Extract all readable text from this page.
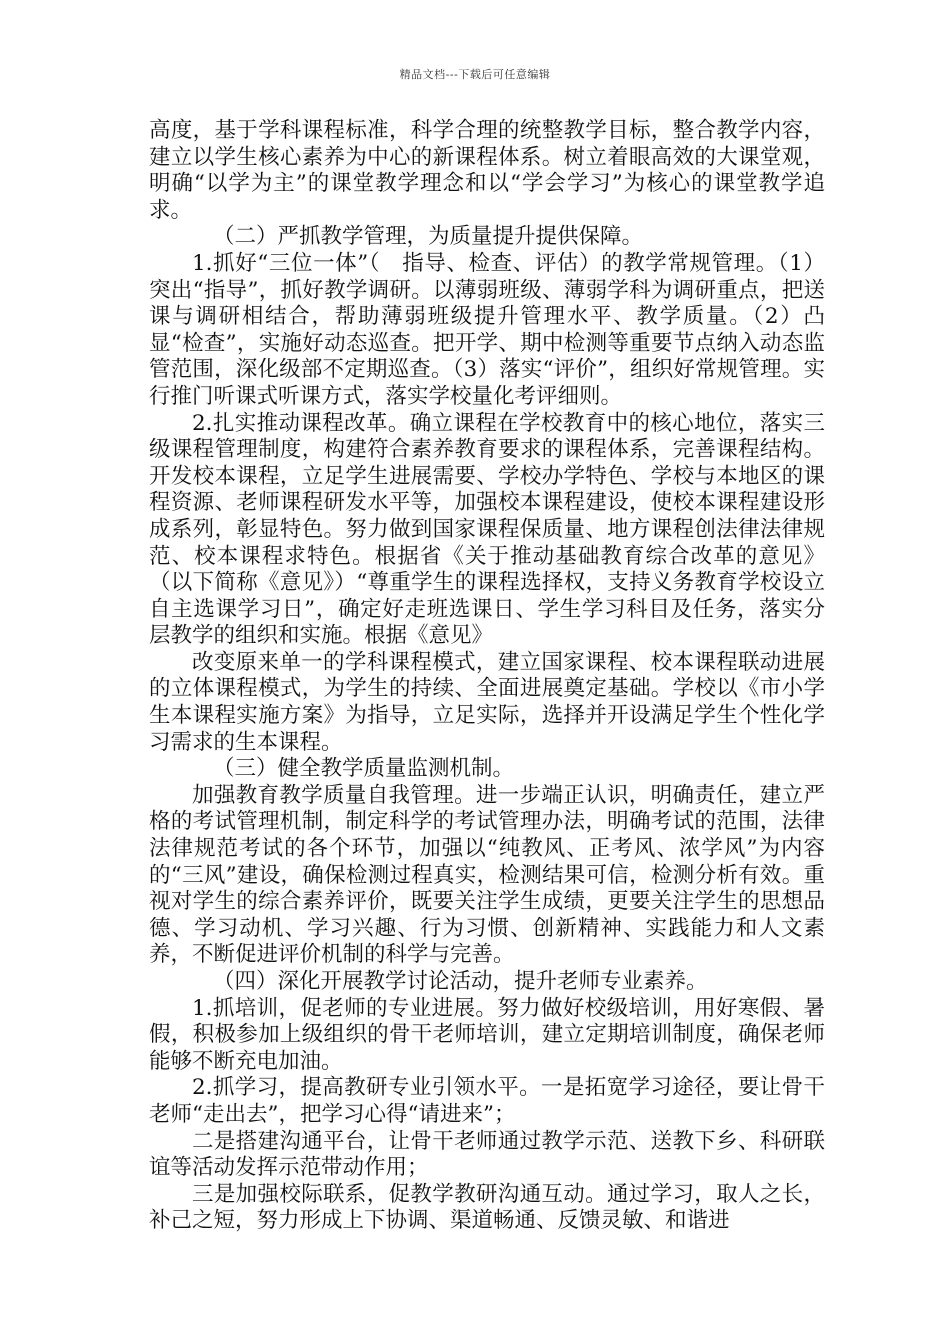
精品文档---下载后可任意编辑

高度，基于学科课程标准，科学合理的统整教学目标，整合教学内容，建立以学生核心素养为中心的新课程体系。树立着眼高效的大课堂观，明确“以学为主”的课堂教学理念和以“学会学习”为核心的课堂教学追求。

（二）严抓教学管理，为质量提升提供保障。

1.抓好“三位一体”（　指导、检查、评估）的教学常规管理。（1）突出“指导”，抓好教学调研。以薄弱班级、薄弱学科为调研重点，把送课与调研相结合，帮助薄弱班级提升管理水平、教学质量。（2）凸显“检查”，实施好动态巡查。把开学、期中检测等重要节点纳入动态监管范围，深化级部不定期巡查。（3）落实“评价”，组织好常规管理。实行推门听课式听课方式，落实学校量化考评细则。

2.扎实推动课程改革。确立课程在学校教育中的核心地位，落实三级课程管理制度，构建符合素养教育要求的课程体系，完善课程结构。开发校本课程，立足学生进展需要、学校办学特色、学校与本地区的课程资源、老师课程研发水平等，加强校本课程建设，使校本课程建设形成系列，彰显特色。努力做到国家课程保质量、地方课程创法律法律规范、校本课程求特色。根据省《关于推动基础教育综合改革的意见》（以下简称《意见》）“尊重学生的课程选择权，支持义务教育学校设立自主选课学习日”，确定好走班选课日、学生学习科目及任务，落实分层教学的组织和实施。根据《意见》

改变原来单一的学科课程模式，建立国家课程、校本课程联动进展的立体课程模式，为学生的持续、全面进展奠定基础。学校以《市小学生本课程实施方案》为指导，立足实际，选择并开设满足学生个性化学习需求的生本课程。

（三）健全教学质量监测机制。

加强教育教学质量自我管理。进一步端正认识，明确责任，建立严格的考试管理机制，制定科学的考试管理办法，明确考试的范围，法律法律规范考试的各个环节，加强以“纯教风、正考风、浓学风”为内容的“三风”建设，确保检测过程真实，检测结果可信，检测分析有效。重视对学生的综合素养评价，既要关注学生成绩，更要关注学生的思想品德、学习动机、学习兴趣、行为习惯、创新精神、实践能力和人文素养，不断促进评价机制的科学与完善。

（四）深化开展教学讨论活动，提升老师专业素养。

1.抓培训，促老师的专业进展。努力做好校级培训，用好寒假、暑假，积极参加上级组织的骨干老师培训，建立定期培训制度，确保老师能够不断充电加油。

2.抓学习，提高教研专业引领水平。一是拓宽学习途径，要让骨干老师“走出去”，把学习心得“请进来”；

二是搭建沟通平台，让骨干老师通过教学示范、送教下乡、科研联谊等活动发挥示范带动作用；

三是加强校际联系，促教学教研沟通互动。通过学习，取人之长，补己之短，努力形成上下协调、渠道畅通、反馈灵敏、和谐进
